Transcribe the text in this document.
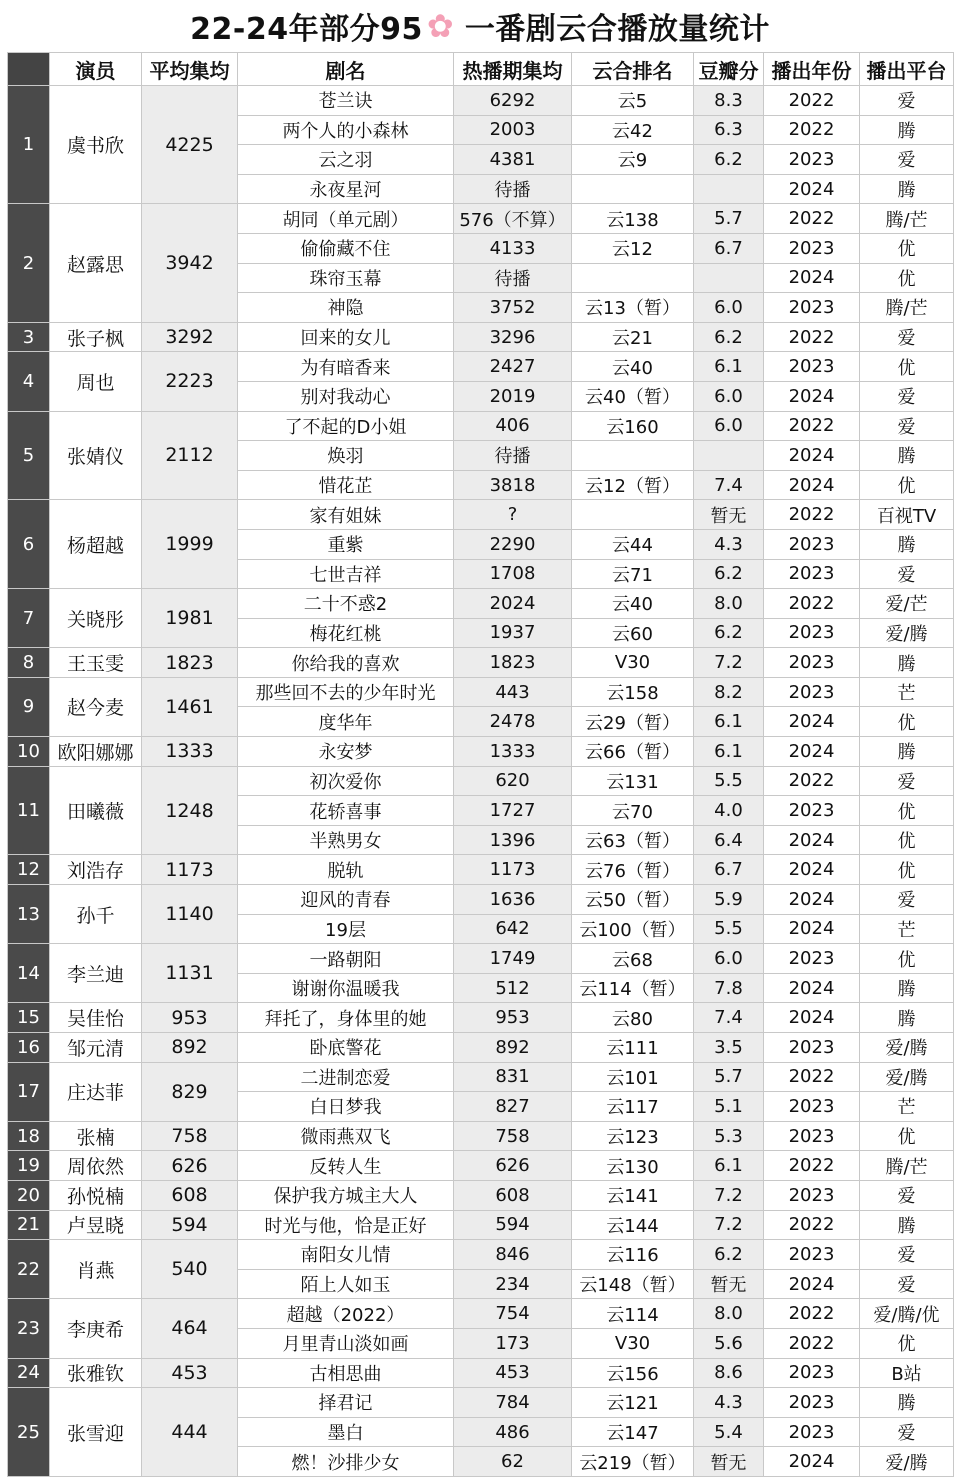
22-24年部分95 ✿ 一番剧云合播放量统计
	演员	平均集均	剧名	热播期集均	云合排名	豆瓣分	播出年份	播出平台
1	虞书欣	4225	苍兰诀	6292	云5	8.3	2022	爱
			两个人的小森林	2003	云42	6.3	2022	腾
			云之羽	4381	云9	6.2	2023	爱
			永夜星河	待播			2024	腾
2	赵露思	3942	胡同（单元剧）	576（不算）	云138	5.7	2022	腾/芒
			偷偷藏不住	4133	云12	6.7	2023	优
			珠帘玉幕	待播			2024	优
			神隐	3752	云13（暂）	6.0	2023	腾/芒
3	张子枫	3292	回来的女儿	3296	云21	6.2	2022	爱
4	周也	2223	为有暗香来	2427	云40	6.1	2023	优
			别对我动心	2019	云40（暂）	6.0	2024	爱
5	张婧仪	2112	了不起的D小姐	406	云160	6.0	2022	爱
			焕羽	待播			2024	腾
			惜花芷	3818	云12（暂）	7.4	2024	优
6	杨超越	1999	家有姐妹	?		暂无	2022	百视TV
			重紫	2290	云44	4.3	2023	腾
			七世吉祥	1708	云71	6.2	2023	爱
7	关晓彤	1981	二十不惑2	2024	云40	8.0	2022	爱/芒
			梅花红桃	1937	云60	6.2	2023	爱/腾
8	王玉雯	1823	你给我的喜欢	1823	V30	7.2	2023	腾
9	赵今麦	1461	那些回不去的少年时光	443	云158	8.2	2023	芒
			度华年	2478	云29（暂）	6.1	2024	优
10	欧阳娜娜	1333	永安梦	1333	云66（暂）	6.1	2024	腾
11	田曦薇	1248	初次爱你	620	云131	5.5	2022	爱
			花轿喜事	1727	云70	4.0	2023	优
			半熟男女	1396	云63（暂）	6.4	2024	优
12	刘浩存	1173	脱轨	1173	云76（暂）	6.7	2024	优
13	孙千	1140	迎风的青春	1636	云50（暂）	5.9	2024	爱
			19层	642	云100（暂）	5.5	2024	芒
14	李兰迪	1131	一路朝阳	1749	云68	6.0	2023	优
			谢谢你温暖我	512	云114（暂）	7.8	2024	腾
15	吴佳怡	953	拜托了，身体里的她	953	云80	7.4	2024	腾
16	邹元清	892	卧底警花	892	云111	3.5	2023	爱/腾
17	庄达菲	829	二进制恋爱	831	云101	5.7	2022	爱/腾
			白日梦我	827	云117	5.1	2023	芒
18	张楠	758	微雨燕双飞	758	云123	5.3	2023	优
19	周依然	626	反转人生	626	云130	6.1	2022	腾/芒
20	孙悦楠	608	保护我方城主大人	608	云141	7.2	2023	爱
21	卢昱晓	594	时光与他，恰是正好	594	云144	7.2	2022	腾
22	肖燕	540	南阳女儿情	846	云116	6.2	2023	爱
			陌上人如玉	234	云148（暂）	暂无	2024	爱
23	李庚希	464	超越（2022）	754	云114	8.0	2022	爱/腾/优
			月里青山淡如画	173	V30	5.6	2022	优
24	张雅钦	453	古相思曲	453	云156	8.6	2023	B站
25	张雪迎	444	择君记	784	云121	4.3	2023	腾
			墨白	486	云147	5.4	2023	爱
			燃！沙排少女	62	云219（暂）	暂无	2024	爱/腾
